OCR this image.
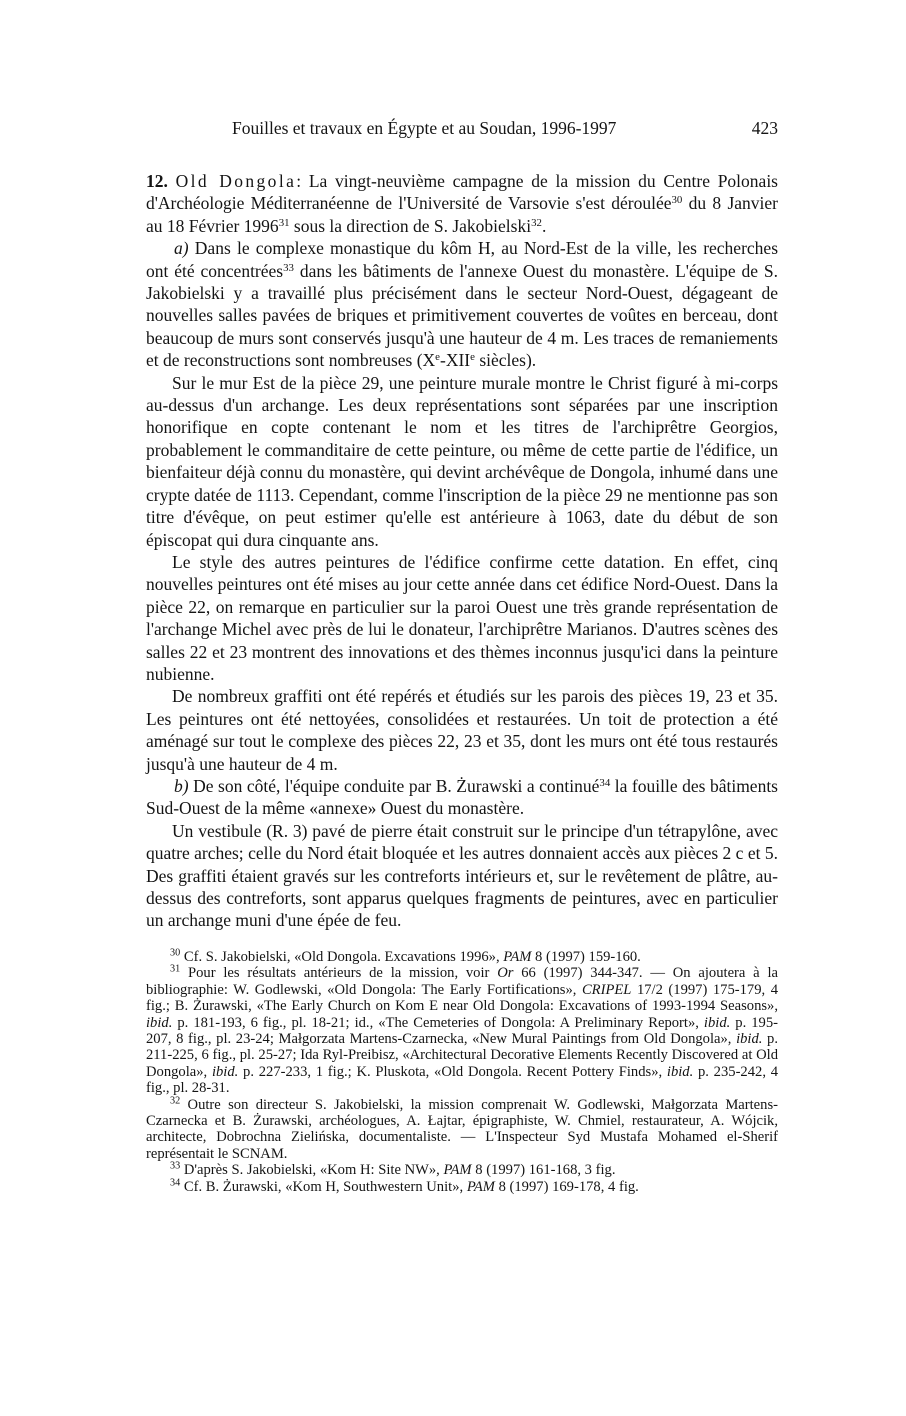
Fouilles et travaux en Égypte et au Soudan, 1996-1997	423

12. Old Dongola: La vingt-neuvième campagne de la mission du Centre Polonais d'Archéologie Méditerranéenne de l'Université de Varsovie s'est déroulée$^{30}$ du 8 Janvier au 18 Février 1996$^{31}$ sous la direction de S. Jakobielski$^{32}$.

a) Dans le complexe monastique du kôm H, au Nord-Est de la ville, les recherches ont été concentrées$^{33}$ dans les bâtiments de l'annexe Ouest du monastère. L'équipe de S. Jakobielski y a travaillé plus précisément dans le secteur Nord-Ouest, dégageant de nouvelles salles pavées de briques et primitivement couvertes de voûtes en berceau, dont beaucoup de murs sont conservés jusqu'à une hauteur de 4 m. Les traces de remaniements et de reconstructions sont nombreuses (Xe-XIIe siècles).

Sur le mur Est de la pièce 29, une peinture murale montre le Christ figuré à mi-corps au-dessus d'un archange. Les deux représentations sont séparées par une inscription honorifique en copte contenant le nom et les titres de l'archiprêtre Georgios, probablement le commanditaire de cette peinture, ou même de cette partie de l'édifice, un bienfaiteur déjà connu du monastère, qui devint archévêque de Dongola, inhumé dans une crypte datée de 1113. Cependant, comme l'inscription de la pièce 29 ne mentionne pas son titre d'évêque, on peut estimer qu'elle est antérieure à 1063, date du début de son épiscopat qui dura cinquante ans.

Le style des autres peintures de l'édifice confirme cette datation. En effet, cinq nouvelles peintures ont été mises au jour cette année dans cet édifice Nord-Ouest. Dans la pièce 22, on remarque en particulier sur la paroi Ouest une très grande représentation de l'archange Michel avec près de lui le donateur, l'archiprêtre Marianos. D'autres scènes des salles 22 et 23 montrent des innovations et des thèmes inconnus jusqu'ici dans la peinture nubienne.

De nombreux graffiti ont été repérés et étudiés sur les parois des pièces 19, 23 et 35. Les peintures ont été nettoyées, consolidées et restaurées. Un toit de protection a été aménagé sur tout le complexe des pièces 22, 23 et 35, dont les murs ont été tous restaurés jusqu'à une hauteur de 4 m.

b) De son côté, l'équipe conduite par B. Żurawski a continué$^{34}$ la fouille des bâtiments Sud-Ouest de la même «annexe» Ouest du monastère.

Un vestibule (R. 3) pavé de pierre était construit sur le principe d'un tétrapylône, avec quatre arches; celle du Nord était bloquée et les autres donnaient accès aux pièces 2 c et 5. Des graffiti étaient gravés sur les contreforts intérieurs et, sur le revêtement de plâtre, au-dessus des contreforts, sont apparus quelques fragments de peintures, avec en particulier un archange muni d'une épée de feu.

$^{30}$ Cf. S. Jakobielski, «Old Dongola. Excavations 1996», PAM 8 (1997) 159-160.

$^{31}$ Pour les résultats antérieurs de la mission, voir Or 66 (1997) 344-347. — On ajoutera à la bibliographie: W. Godlewski, «Old Dongola: The Early Fortifications», CRIPEL 17/2 (1997) 175-179, 4 fig.; B. Żurawski, «The Early Church on Kom E near Old Dongola: Excavations of 1993-1994 Seasons», ibid. p. 181-193, 6 fig., pl. 18-21; id., «The Cemeteries of Dongola: A Preliminary Report», ibid. p. 195-207, 8 fig., pl. 23-24; Małgorzata Martens-Czarnecka, «New Mural Paintings from Old Dongola», ibid. p. 211-225, 6 fig., pl. 25-27; Ida Ryl-Preibisz, «Architectural Decorative Elements Recently Discovered at Old Dongola», ibid. p. 227-233, 1 fig.; K. Pluskota, «Old Dongola. Recent Pottery Finds», ibid. p. 235-242, 4 fig., pl. 28-31.

$^{32}$ Outre son directeur S. Jakobielski, la mission comprenait W. Godlewski, Małgorzata Martens-Czarnecka et B. Żurawski, archéologues, A. Łajtar, épigraphiste, W. Chmiel, restaurateur, A. Wójcik, architecte, Dobrochna Zielińska, documentaliste. — L'Inspecteur Syd Mustafa Mohamed el-Sherif représentait le SCNAM.

$^{33}$ D'après S. Jakobielski, «Kom H: Site NW», PAM 8 (1997) 161-168, 3 fig.

$^{34}$ Cf. B. Żurawski, «Kom H, Southwestern Unit», PAM 8 (1997) 169-178, 4 fig.
